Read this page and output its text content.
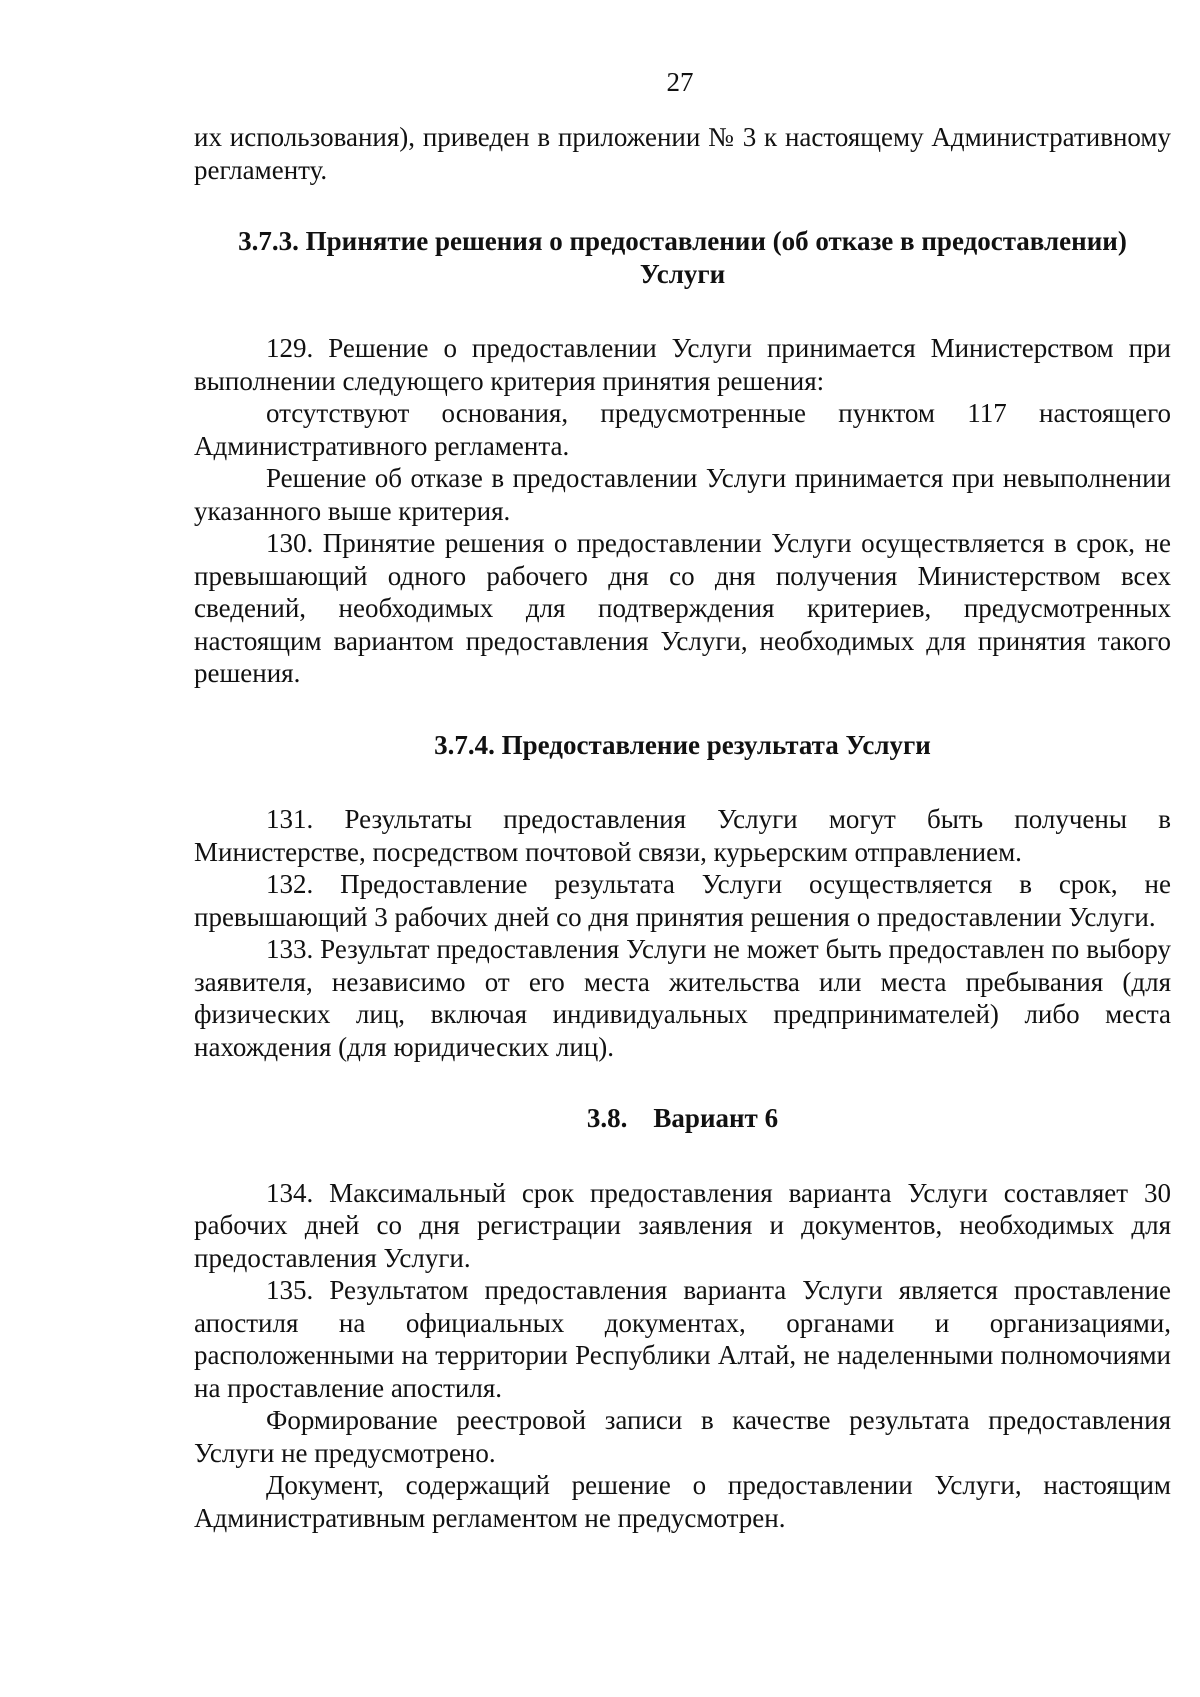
27

их использования), приведен в приложении № 3 к настоящему Административному регламенту.

3.7.3. Принятие решения о предоставлении (об отказе в предоставлении) Услуги

129. Решение о предоставлении Услуги принимается Министерством при выполнении следующего критерия принятия решения:

отсутствуют основания, предусмотренные пунктом 117 настоящего Административного регламента.

Решение об отказе в предоставлении Услуги принимается при невыполнении указанного выше критерия.

130. Принятие решения о предоставлении Услуги осуществляется в срок, не превышающий одного рабочего дня со дня получения Министерством всех сведений, необходимых для подтверждения критериев, предусмотренных настоящим вариантом предоставления Услуги, необходимых для принятия такого решения.

3.7.4. Предоставление результата Услуги

131. Результаты предоставления Услуги могут быть получены в Министерстве, посредством почтовой связи, курьерским отправлением.

132. Предоставление результата Услуги осуществляется в срок, не превышающий 3 рабочих дней со дня принятия решения о предоставлении Услуги.

133. Результат предоставления Услуги не может быть предоставлен по выбору заявителя, независимо от его места жительства или места пребывания (для физических лиц, включая индивидуальных предпринимателей) либо места нахождения (для юридических лиц).

3.8. Вариант 6

134. Максимальный срок предоставления варианта Услуги составляет 30 рабочих дней со дня регистрации заявления и документов, необходимых для предоставления Услуги.

135. Результатом предоставления варианта Услуги является проставление апостиля на официальных документах, органами и организациями, расположенными на территории Республики Алтай, не наделенными полномочиями на проставление апостиля.

Формирование реестровой записи в качестве результата предоставления Услуги не предусмотрено.

Документ, содержащий решение о предоставлении Услуги, настоящим Административным регламентом не предусмотрен.
